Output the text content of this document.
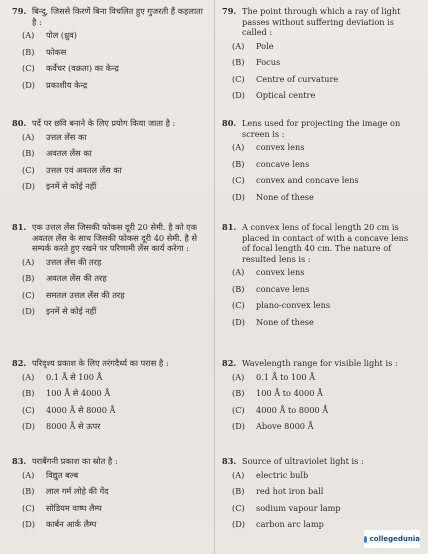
79. बिन्दु, जिससे किरणें बिना विचलित हुए गुजरती हैं कहलाता है :
(A)	पोल (ध्रुव)
(B)	फोकस
(C)	कर्वेचर (वक्रता) का केन्द्र
(D)	प्रकाशीय केन्द्र
79. The point through which a ray of light passes without suffering deviation is called :
(A)	Pole
(B)	Focus
(C)	Centre of curvature
(D)	Optical centre
80. पर्दे पर छवि बनाने के लिए प्रयोग किया जाता है :
(A)	उत्तल लेंस का
(B)	अवतल लेंस का
(C)	उत्तल एवं अवतल लेंस का
(D)	इनमें से कोई नहीं
80. Lens used for projecting the image on screen is :
(A)	convex lens
(B)	concave lens
(C)	convex and concave lens
(D)	None of these
81. एक उत्तल लेंस जिसकी फोकस दूरी 20 सेमी. है को एक अवतल लेंस के साथ जिसकी फोकस दूरी 40 सेमी. है से सम्पर्क करते हुए रखने पर परिणामी लेंस कार्य करेगा :
(A)	उत्तल लेंस की तरह
(B)	अवतल लेंस की तरह
(C)	समतल उत्तल लेंस की तरह
(D)	इनमें से कोई नहीं
81. A convex lens of focal length 20 cm is placed in contact of with a concave lens of focal length 40 cm. The nature of resulted lens is :
(A)	convex lens
(B)	concave lens
(C)	plano-convex lens
(D)	None of these
82. परिदृश्य प्रकाश के लिए तरंगदैर्ध्य का परास है :
(A)	0.1 Å से 100 Å
(B)	100 Å से 4000 Å
(C)	4000 Å से 8000 Å
(D)	8000 Å से ऊपर
82. Wavelength range for visible light is :
(A)	0.1 Å to 100 Å
(B)	100 Å to 4000 Å
(C)	4000 Å to 8000 Å
(D)	Above 8000 Å
83. पराबैंगनी प्रकाश का स्रोत है :
(A)	विद्युत बल्ब
(B)	लाल गर्म लोहे की गेंद
(C)	सोडियम वाष्प लैम्प
(D)	कार्बन आर्क लैम्प
83. Source of ultraviolet light is :
(A)	electric bulb
(B)	red hot iron ball
(C)	sodium vapour lamp
(D)	carbon arc lamp
collegedunia
